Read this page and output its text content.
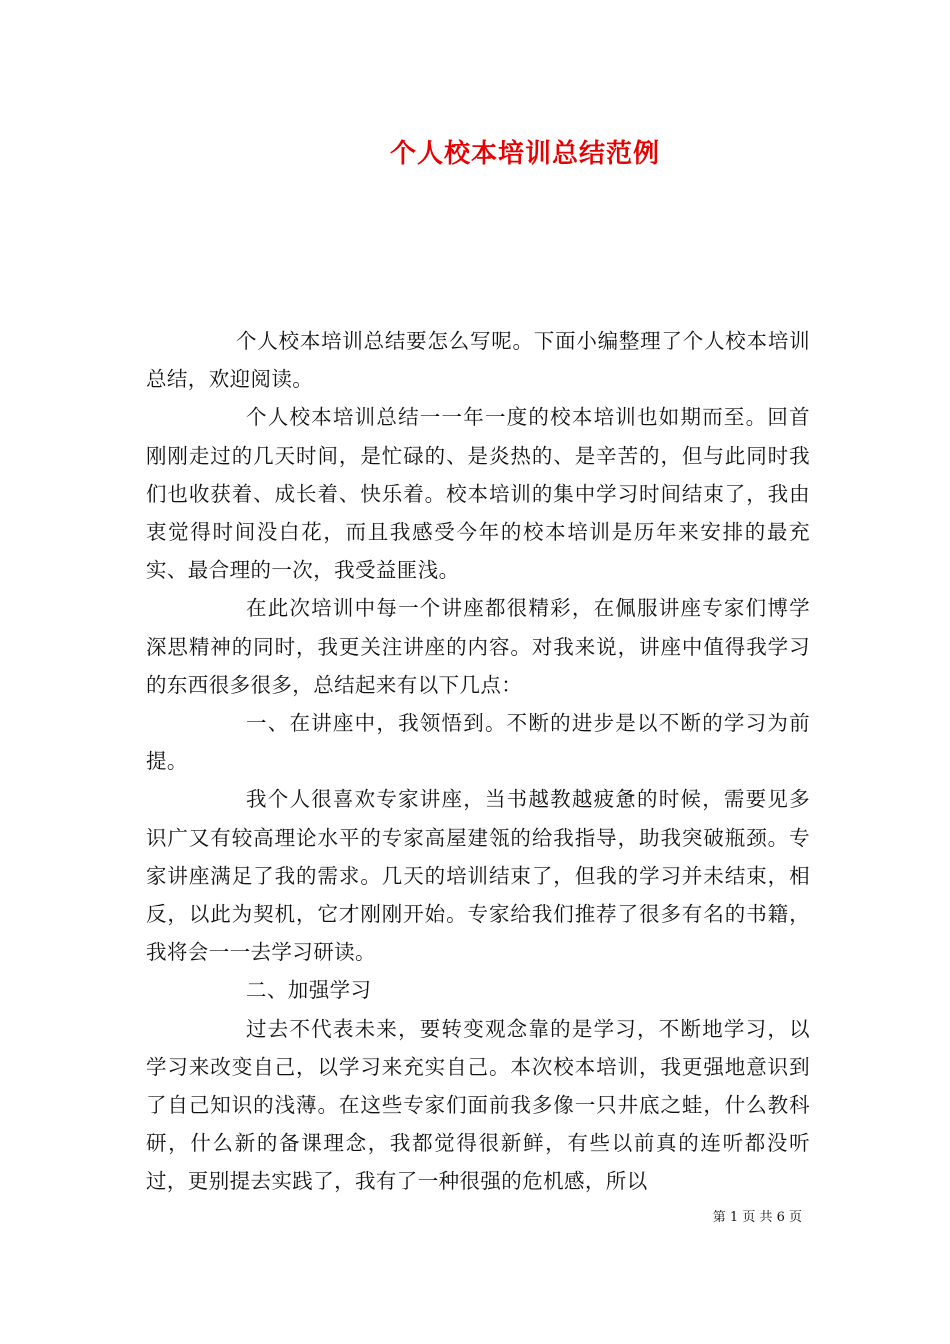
个人校本培训总结范例

个人校本培训总结要怎么写呢。下面小编整理了个人校本培训总结，欢迎阅读。

个人校本培训总结一一年一度的校本培训也如期而至。回首刚刚走过的几天时间，是忙碌的、是炎热的、是辛苦的，但与此同时我们也收获着、成长着、快乐着。校本培训的集中学习时间结束了，我由衷觉得时间没白花，而且我感受今年的校本培训是历年来安排的最充实、最合理的一次，我受益匪浅。

在此次培训中每一个讲座都很精彩，在佩服讲座专家们博学深思精神的同时，我更关注讲座的内容。对我来说，讲座中值得我学习的东西很多很多，总结起来有以下几点：

一、在讲座中，我领悟到。不断的进步是以不断的学习为前提。

我个人很喜欢专家讲座，当书越教越疲惫的时候，需要见多识广又有较高理论水平的专家高屋建瓴的给我指导，助我突破瓶颈。专家讲座满足了我的需求。几天的培训结束了，但我的学习并未结束，相反，以此为契机，它才刚刚开始。专家给我们推荐了很多有名的书籍，我将会一一去学习研读。

二、加强学习

过去不代表未来，要转变观念靠的是学习，不断地学习，以学习来改变自己，以学习来充实自己。本次校本培训，我更强地意识到了自己知识的浅薄。在这些专家们面前我多像一只井底之蛙，什么教科研，什么新的备课理念，我都觉得很新鲜，有些以前真的连听都没听过，更别提去实践了，我有了一种很强的危机感，所以

第 1 页 共 6 页
